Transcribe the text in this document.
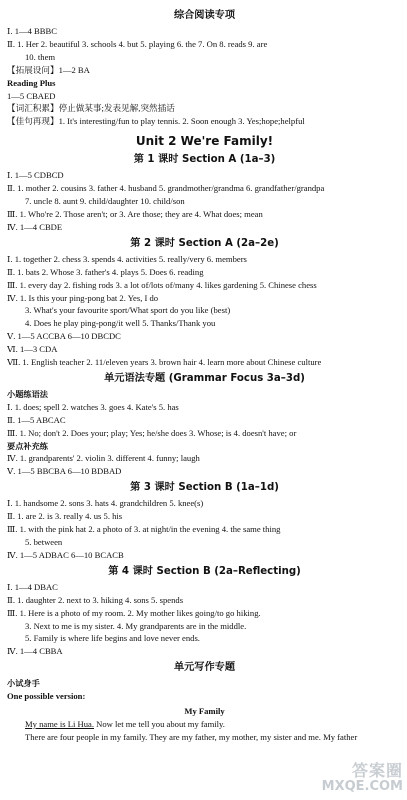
综合阅读专项
Ⅰ. 1—4 BBBC
Ⅱ. 1. Her 2. beautiful 3. schools 4. but 5. playing 6. the 7. On 8. reads 9. are
10. them
【拓展设问】1—2 BA
Reading Plus
1—5 CBAED
【词汇积累】停止做某事;发表见解,突然插话
【佳句再现】1. It's interesting/fun to play tennis. 2. Soon enough 3. Yes;hope;helpful
Unit 2 We're Family!
第 1 课时 Section A (1a–3)
Ⅰ. 1—5 CDBCD
Ⅱ. 1. mother 2. cousins 3. father 4. husband 5. grandmother/grandma 6. grandfather/grandpa
7. uncle 8. aunt 9. child/daughter 10. child/son
Ⅲ. 1. Who're 2. Those aren't; or 3. Are those; they are 4. What does; mean
Ⅳ. 1—4 CBDE
第 2 课时 Section A (2a–2e)
Ⅰ. 1. together 2. chess 3. spends 4. activities 5. really/very 6. members
Ⅱ. 1. bats 2. Whose 3. father's 4. plays 5. Does 6. reading
Ⅲ. 1. every day 2. fishing rods 3. a lot of/lots of/many 4. likes gardening 5. Chinese chess
Ⅳ. 1. Is this your ping-pong bat 2. Yes, I do
3. What's your favourite sport/What sport do you like (best)
4. Does he play ping-pong/it well 5. Thanks/Thank you
Ⅴ. 1—5 ACCBA 6—10 DBCDC
Ⅵ. 1—3 CDA
Ⅶ. 1. English teacher 2. 11/eleven years 3. brown hair 4. learn more about Chinese culture
单元语法专题 (Grammar Focus 3a–3d)
小题练语法
Ⅰ. 1. does; spell 2. watches 3. goes 4. Kate's 5. has
Ⅱ. 1—5 ABCAC
Ⅲ. 1. No; don't 2. Does your; play; Yes; he/she does 3. Whose; is 4. doesn't have; or
要点补充练
Ⅳ. 1. grandparents' 2. violin 3. different 4. funny; laugh
Ⅴ. 1—5 BBCBA 6—10 BDBAD
第 3 课时 Section B (1a–1d)
Ⅰ. 1. handsome 2. sons 3. hats 4. grandchildren 5. knee(s)
Ⅱ. 1. are 2. is 3. really 4. us 5. his
Ⅲ. 1. with the pink hat 2. a photo of 3. at night/in the evening 4. the same thing
5. between
Ⅳ. 1—5 ADBAC 6—10 BCACB
第 4 课时 Section B (2a–Reflecting)
Ⅰ. 1—4 DBAC
Ⅱ. 1. daughter 2. next to 3. hiking 4. sons 5. spends
Ⅲ. 1. Here is a photo of my room. 2. My mother likes going/to go hiking.
3. Next to me is my sister. 4. My grandparents are in the middle.
5. Family is where life begins and love never ends.
Ⅳ. 1—4 CBBA
单元写作专题
小试身手
One possible version:
My Family
My name is Li Hua. Now let me tell you about my family.
There are four people in my family. They are my father, my mother, my sister and me. My father
答案圈
MXQE.COM
